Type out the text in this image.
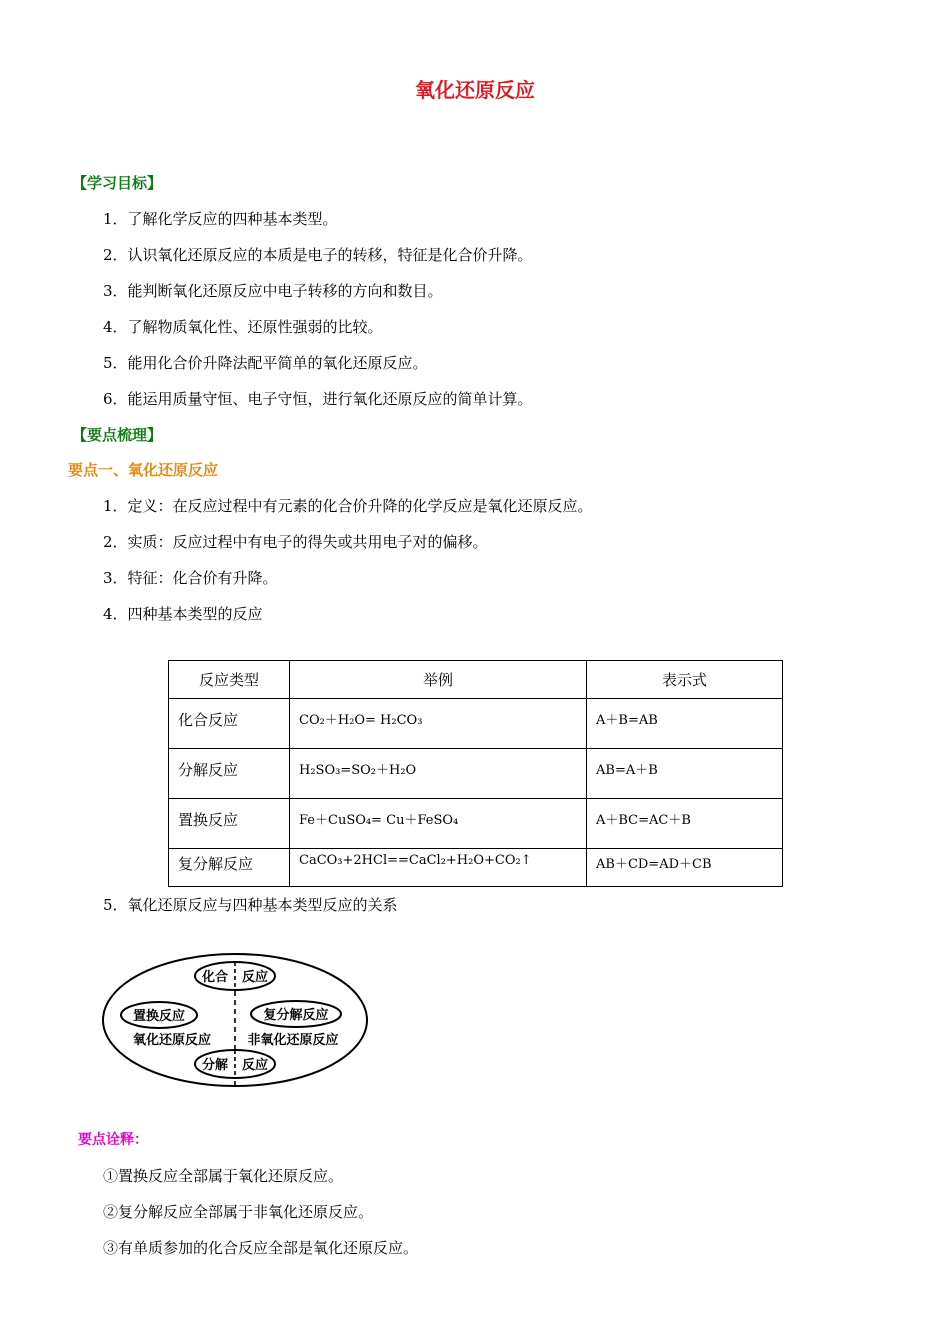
氧化还原反应
【学习目标】
1．了解化学反应的四种基本类型。
2．认识氧化还原反应的本质是电子的转移，特征是化合价升降。
3．能判断氧化还原反应中电子转移的方向和数目。
4．了解物质氧化性、还原性强弱的比较。
5．能用化合价升降法配平简单的氧化还原反应。
6．能运用质量守恒、电子守恒，进行氧化还原反应的简单计算。
【要点梳理】
要点一、氧化还原反应
1．定义：在反应过程中有元素的化合价升降的化学反应是氧化还原反应。
2．实质：反应过程中有电子的得失或共用电子对的偏移。
3．特征：化合价有升降。
4．四种基本类型的反应
反应类型	举例	表示式
化合反应	CO₂＋H₂O= H₂CO₃	A＋B=AB
分解反应	H₂SO₃=SO₂＋H₂O	AB=A＋B
置换反应	Fe＋CuSO₄= Cu＋FeSO₄	A＋BC=AC＋B
复分解反应	CaCO₃+2HCl==CaCl₂+H₂O+CO₂↑	AB＋CD=AD＋CB
5．氧化还原反应与四种基本类型反应的关系
化合 反应
置换反应	复分解反应
氧化还原反应	非氧化还原反应
分解 反应
要点诠释：
①置换反应全部属于氧化还原反应。
②复分解反应全部属于非氧化还原反应。
③有单质参加的化合反应全部是氧化还原反应。
